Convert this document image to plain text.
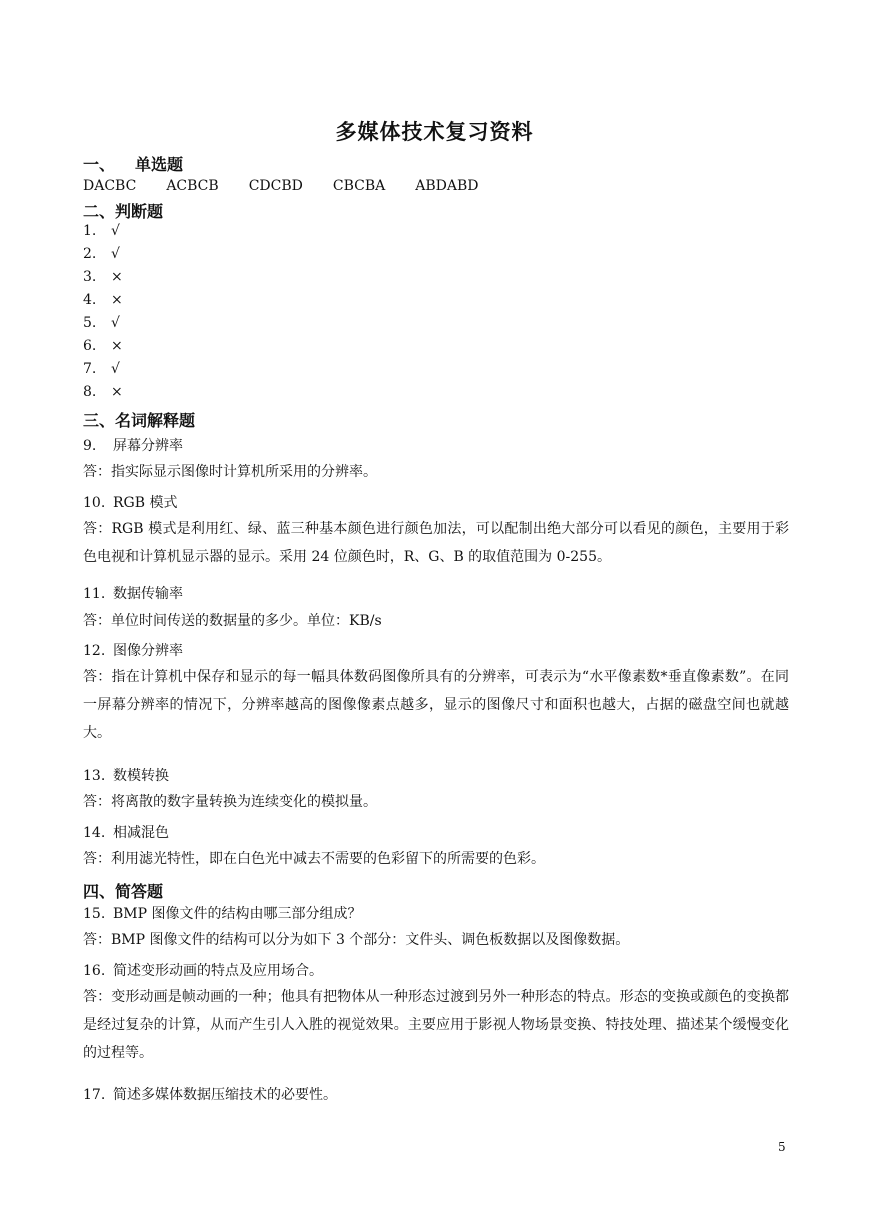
多媒体技术复习资料
一、 单选题
DACBC ACBCB CDCBD CBCBA ABDABD
二、判断题
1. √
2. √
3. ×
4. ×
5. √
6. ×
7. √
8. ×
三、名词解释题
9. 屏幕分辨率
答：指实际显示图像时计算机所采用的分辨率。
10. RGB 模式
答：RGB 模式是利用红、绿、蓝三种基本颜色进行颜色加法，可以配制出绝大部分可以看见的颜色，主要用于彩色电视和计算机显示器的显示。采用 24 位颜色时，R、G、B 的取值范围为 0-255。
11. 数据传输率
答：单位时间传送的数据量的多少。单位：KB/s
12. 图像分辨率
答：指在计算机中保存和显示的每一幅具体数码图像所具有的分辨率，可表示为“水平像素数*垂直像素数”。在同一屏幕分辨率的情况下，分辨率越高的图像像素点越多，显示的图像尺寸和面积也越大，占据的磁盘空间也就越大。
13. 数模转换
答：将离散的数字量转换为连续变化的模拟量。
14. 相减混色
答：利用滤光特性，即在白色光中减去不需要的色彩留下的所需要的色彩。
四、简答题
15. BMP 图像文件的结构由哪三部分组成？
答：BMP 图像文件的结构可以分为如下 3 个部分：文件头、调色板数据以及图像数据。
16. 简述变形动画的特点及应用场合。
答：变形动画是帧动画的一种；他具有把物体从一种形态过渡到另外一种形态的特点。形态的变换或颜色的变换都是经过复杂的计算，从而产生引人入胜的视觉效果。主要应用于影视人物场景变换、特技处理、描述某个缓慢变化的过程等。
17. 简述多媒体数据压缩技术的必要性。
5
